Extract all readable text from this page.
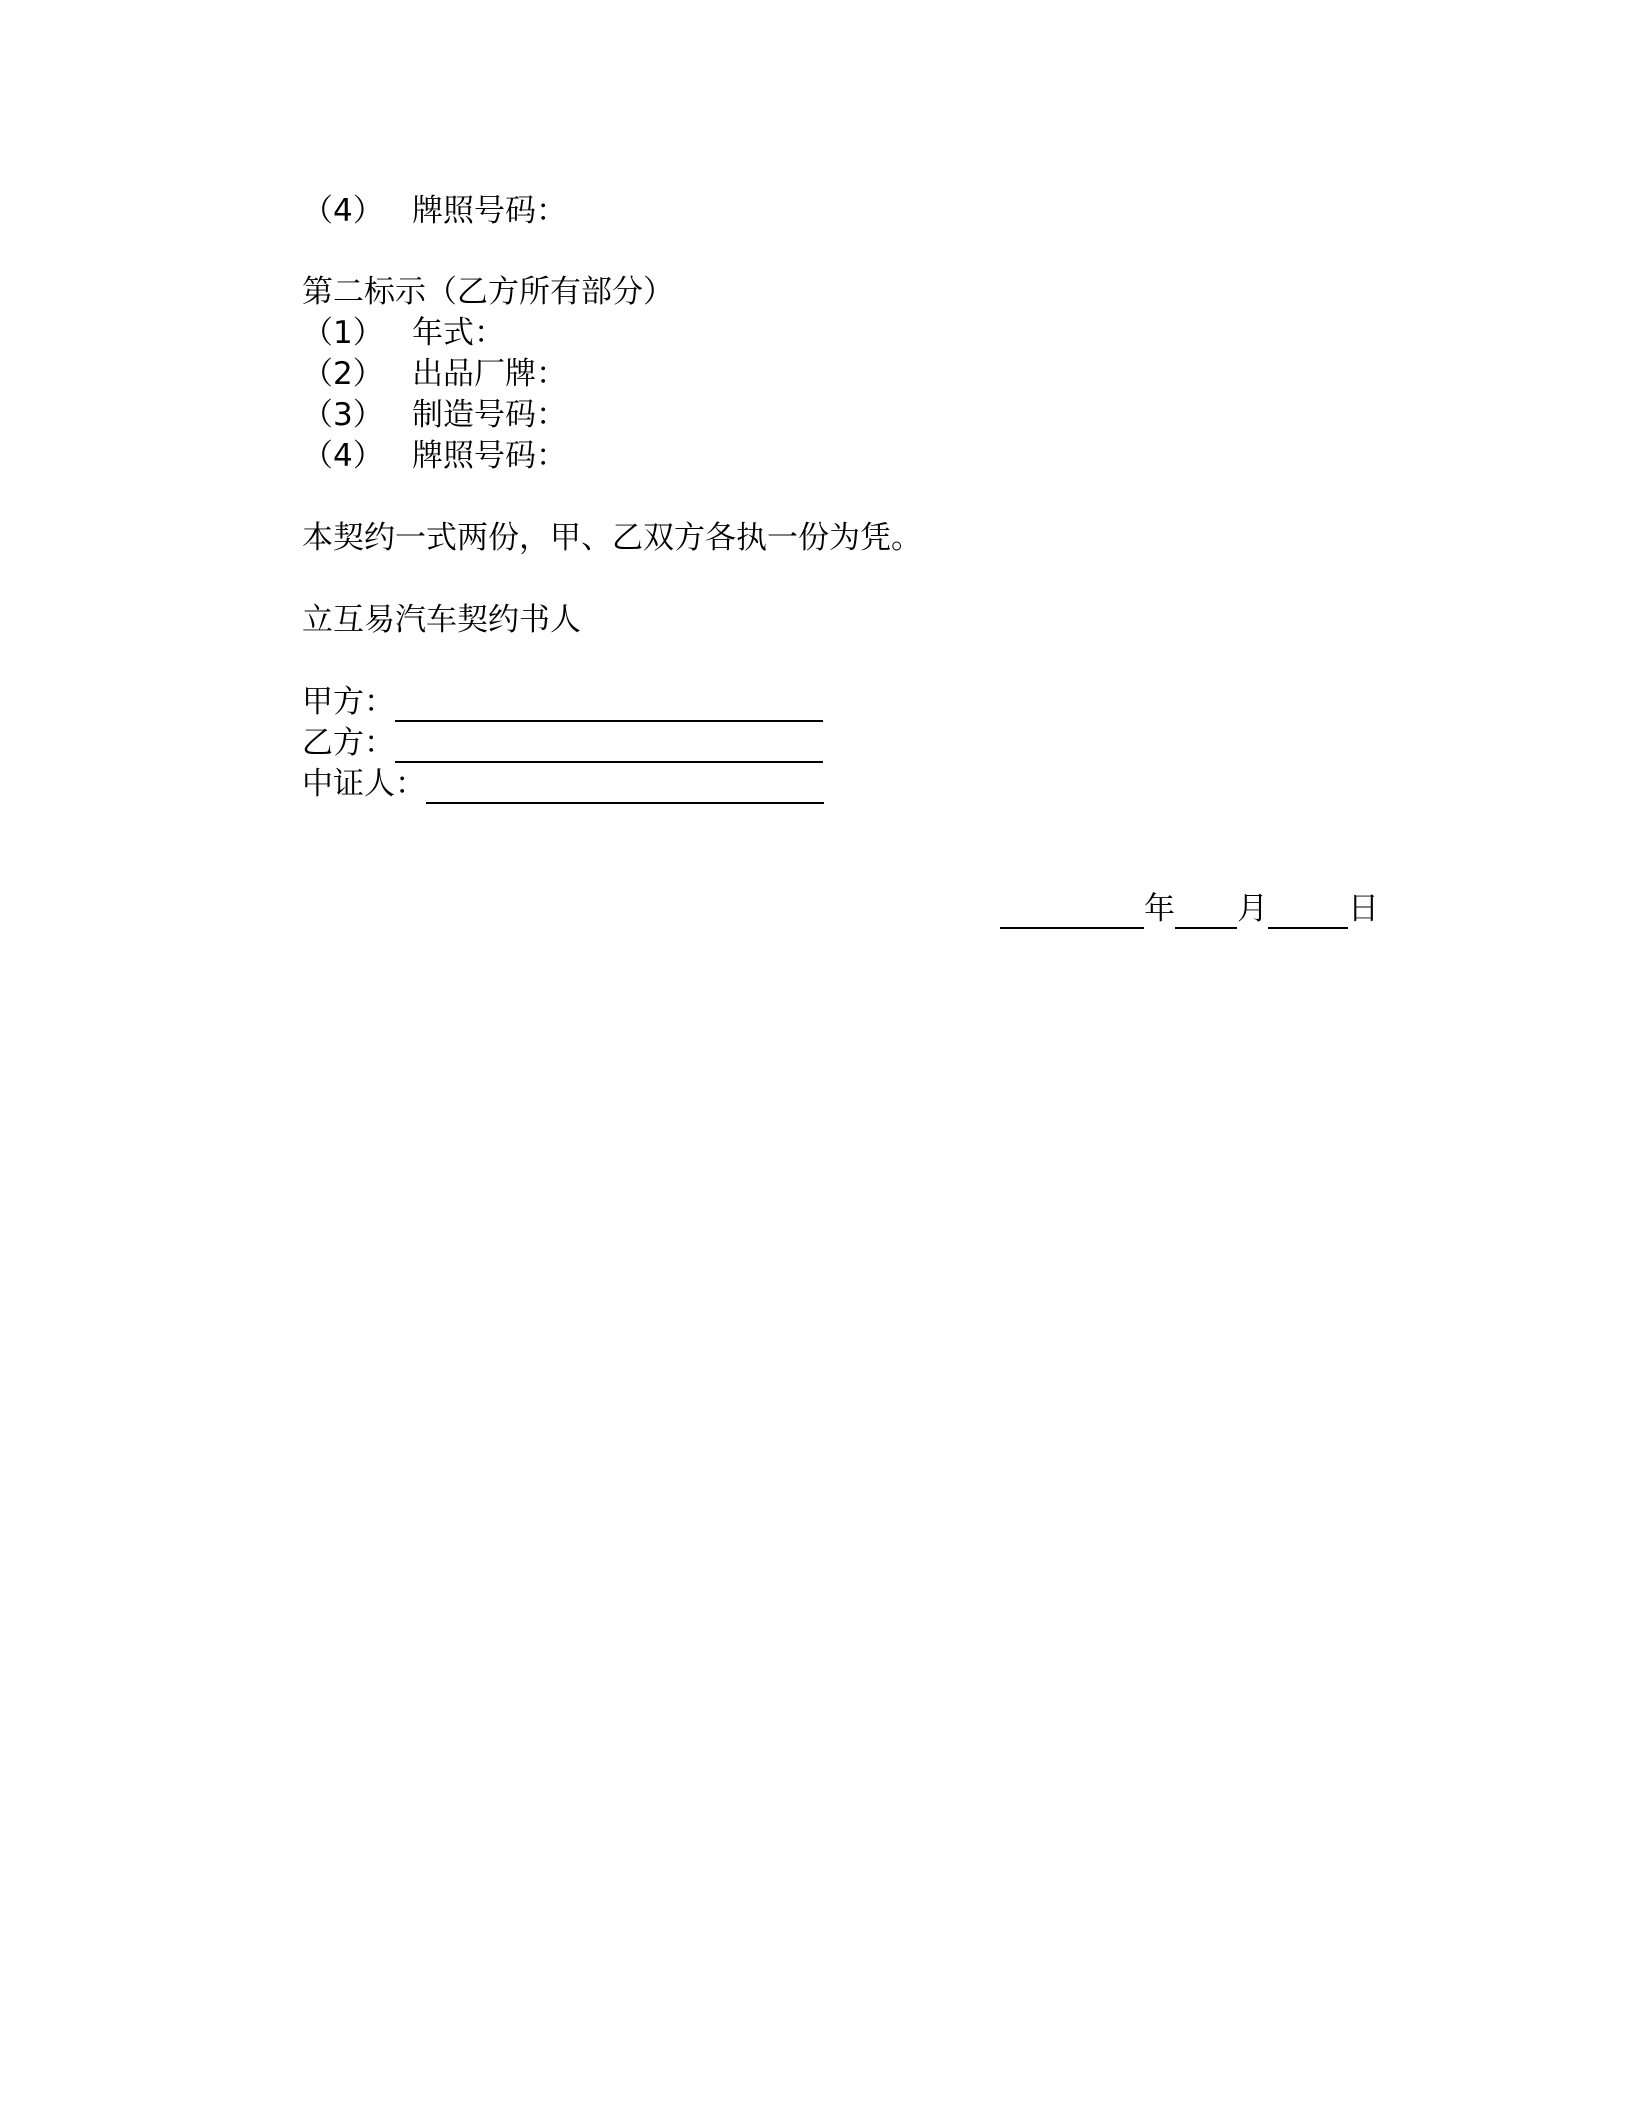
（4） 牌照号码：
第二标示（乙方所有部分）
（1） 年式：
（2） 出品厂牌：
（3） 制造号码：
（4） 牌照号码：
本契约一式两份，甲、乙双方各执一份为凭。
立互易汽车契约书人
甲方：
乙方：
中证人：
年 月	日
